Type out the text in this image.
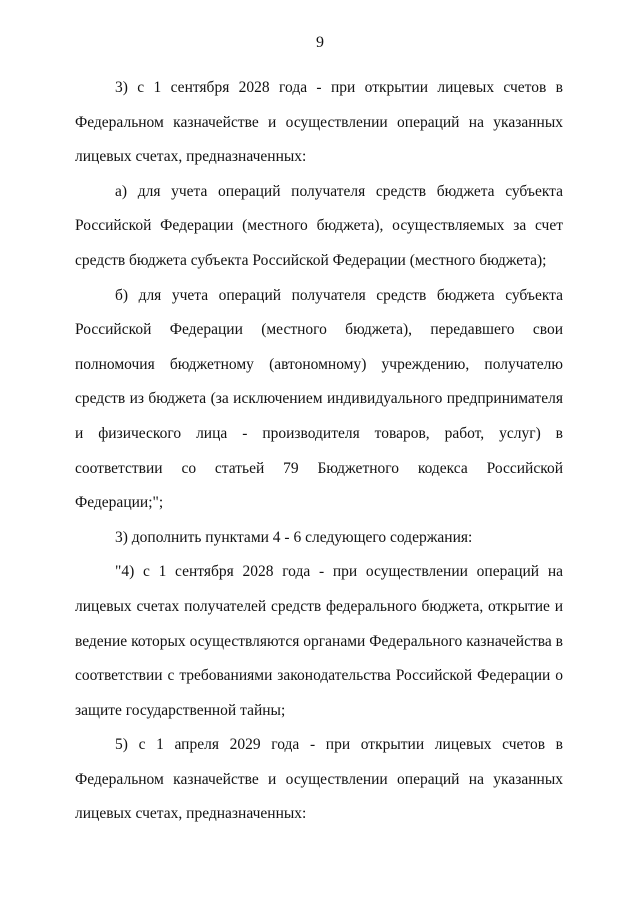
9

3) с 1 сентября 2028 года - при открытии лицевых счетов в Федеральном казначействе и осуществлении операций на указанных лицевых счетах, предназначенных:

а) для учета операций получателя средств бюджета субъекта Российской Федерации (местного бюджета), осуществляемых за счет средств бюджета субъекта Российской Федерации (местного бюджета);

б) для учета операций получателя средств бюджета субъекта Российской Федерации (местного бюджета), передавшего свои полномочия бюджетному (автономному) учреждению, получателю средств из бюджета (за исключением индивидуального предпринимателя и физического лица - производителя товаров, работ, услуг) в соответствии со статьей 79 Бюджетного кодекса Российской Федерации;";

3) дополнить пунктами 4 - 6 следующего содержания:

"4) с 1 сентября 2028 года - при осуществлении операций на лицевых счетах получателей средств федерального бюджета, открытие и ведение которых осуществляются органами Федерального казначейства в соответствии с требованиями законодательства Российской Федерации о защите государственной тайны;

5) с 1 апреля 2029 года - при открытии лицевых счетов в Федеральном казначействе и осуществлении операций на указанных лицевых счетах, предназначенных:
